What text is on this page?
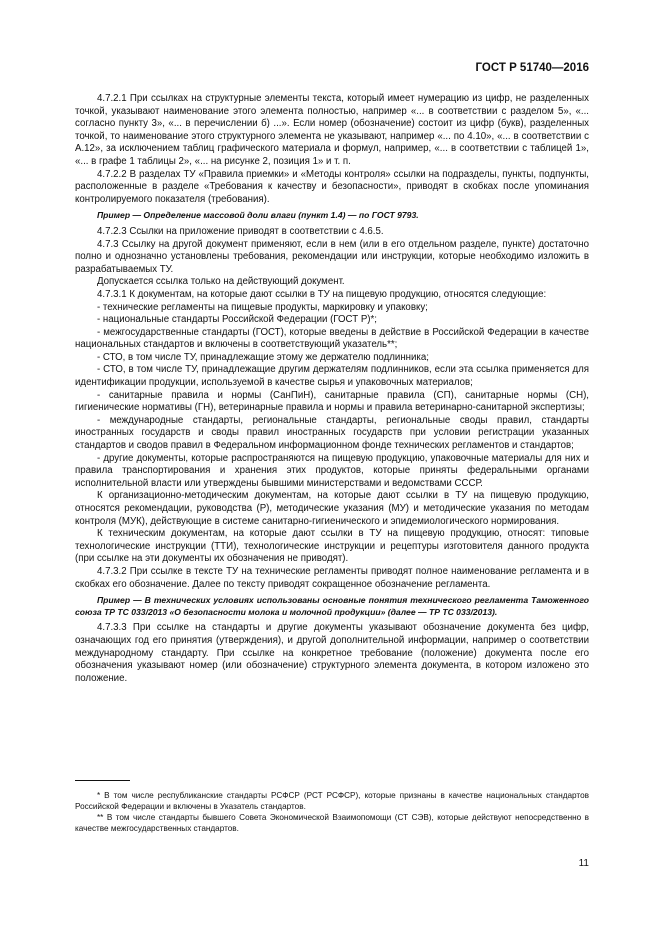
ГОСТ Р 51740—2016

4.7.2.1 При ссылках на структурные элементы текста, который имеет нумерацию из цифр, не разделенных точкой, указывают наименование этого элемента полностью, например «... в соответствии с разделом 5», «... согласно пункту 3», «... в перечислении б) ...». Если номер (обозначение) состоит из цифр (букв), разделенных точкой, то наименование этого структурного элемента не указывают, например «... по 4.10», «... в соответствии с А.12», за исключением таблиц графического материала и формул, например, «... в соответствии с таблицей 1», «... в графе 1 таблицы 2», «... на рисунке 2, позиция 1» и т. п.

4.7.2.2 В разделах ТУ «Правила приемки» и «Методы контроля» ссылки на подразделы, пункты, подпункты, расположенные в разделе «Требования к качеству и безопасности», приводят в скобках после упоминания контролируемого показателя (требования).

Пример — Определение массовой доли влаги (пункт 1.4) — по ГОСТ 9793.

4.7.2.3 Ссылки на приложение приводят в соответствии с 4.6.5.

4.7.3 Ссылку на другой документ применяют, если в нем (или в его отдельном разделе, пункте) достаточно полно и однозначно установлены требования, рекомендации или инструкции, которые необходимо изложить в разрабатываемых ТУ.

Допускается ссылка только на действующий документ.

4.7.3.1 К документам, на которые дают ссылки в ТУ на пищевую продукцию, относятся следующие:

- технические регламенты на пищевые продукты, маркировку и упаковку;

- национальные стандарты Российской Федерации (ГОСТ Р)*;

- межгосударственные стандарты (ГОСТ), которые введены в действие в Российской Федерации в качестве национальных стандартов и включены в соответствующий указатель**;

- СТО, в том числе ТУ, принадлежащие этому же держателю подлинника;

- СТО, в том числе ТУ, принадлежащие другим держателям подлинников, если эта ссылка применяется для идентификации продукции, используемой в качестве сырья и упаковочных материалов;

- санитарные правила и нормы (СанПиН), санитарные правила (СП), санитарные нормы (СН), гигиенические нормативы (ГН), ветеринарные правила и нормы и правила ветеринарно-санитарной экспертизы;

- международные стандарты, региональные стандарты, региональные своды правил, стандарты иностранных государств и своды правил иностранных государств при условии регистрации указанных стандартов и сводов правил в Федеральном информационном фонде технических регламентов и стандартов;

- другие документы, которые распространяются на пищевую продукцию, упаковочные материалы для них и правила транспортирования и хранения этих продуктов, которые приняты федеральными органами исполнительной власти или утверждены бывшими министерствами и ведомствами СССР.

К организационно-методическим документам, на которые дают ссылки в ТУ на пищевую продукцию, относятся рекомендации, руководства (Р), методические указания (МУ) и методические указания по методам контроля (МУК), действующие в системе санитарно-гигиенического и эпидемиологического нормирования.

К техническим документам, на которые дают ссылки в ТУ на пищевую продукцию, относят: типовые технологические инструкции (ТТИ), технологические инструкции и рецептуры изготовителя данного продукта (при ссылке на эти документы их обозначения не приводят).

4.7.3.2 При ссылке в тексте ТУ на технические регламенты приводят полное наименование регламента и в скобках его обозначение. Далее по тексту приводят сокращенное обозначение регламента.

Пример — В технических условиях использованы основные понятия технического регламента Таможенного союза ТР ТС 033/2013 «О безопасности молока и молочной продукции» (далее — ТР ТС 033/2013).

4.7.3.3 При ссылке на стандарты и другие документы указывают обозначение документа без цифр, означающих год его принятия (утверждения), и другой дополнительной информации, например о соответствии международному стандарту. При ссылке на конкретное требование (положение) документа после его обозначения указывают номер (или обозначение) структурного элемента документа, в котором изложено это положение.

* В том числе республиканские стандарты РСФСР (РСТ РСФСР), которые признаны в качестве национальных стандартов Российской Федерации и включены в Указатель стандартов.

** В том числе стандарты бывшего Совета Экономической Взаимопомощи (СТ СЭВ), которые действуют непосредственно в качестве межгосударственных стандартов.

11
